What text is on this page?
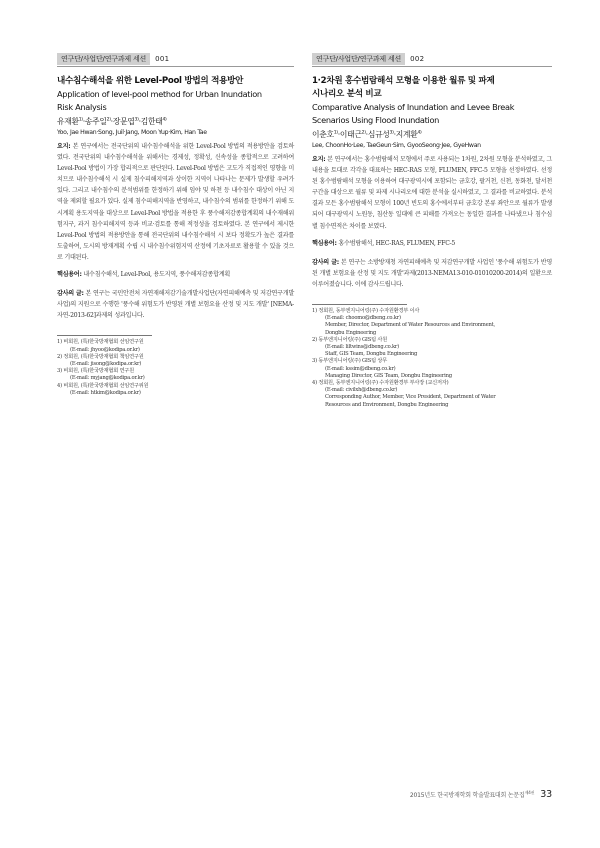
연구단/사업단/연구과제 세션	001
내수침수해석을 위한 Level-Pool 방법의 적용방안
Application of level-pool method for Urban Inundation
Risk Analysis
유재환$^{1)}$·송주일$^{2)}$·장문엽$^{3)}$·김한태$^{4)}$
Yoo, Jae Hwan·Song, Juil·Jang, Moon Yup·Kim, Han Tae
요지: 본 연구에서는 전국단위의 내수침수해석을 위한 Level-Pool 방법의 적용방안을 검토하였다. 전국단위의 내수침수해석을 위해서는 경제성, 정확성, 신속성을 종합적으로 고려하여 Level-Pool 방법이 가장 합리적으로 판단된다. Level-Pool 방법은 고도가 직접적인 영향을 미치므로 내수침수해석 시 실제 침수피해지역과 상이한 지역이 나타나는 문제가 발생할 우려가 있다. 그리고 내수침수의 분석범위를 한정하기 위해 임야 및 하천 등 내수침수 대상이 아닌 지역을 제외할 필요가 있다. 실제 침수피해지역을 반영하고, 내수침수의 범위를 한정하기 위해 도시계획 용도지역을 대상으로 Level-Pool 방법을 적용한 후 풍수해저감종합계획의 내수재해위험지구, 과거 침수피해지역 등과 비교·검토를 통해 적정성을 검토하였다. 본 연구에서 제시한 Level-Pool 방법의 적용방안을 통해 전국단위의 내수침수해석 시 보다 정확도가 높은 결과를 도출하여, 도시의 방재계획 수립 시 내수침수위험지역 산정에 기초자료로 활용할 수 있을 것으로 기대된다.
핵심용어: 내수침수해석, Level-Pool, 용도지역, 풍수해저감종합계획
감사의 글: 본 연구는 국민안전처 자연재해저감기술개발사업단(자연피해예측 및 저감연구개발사업)의 지원으로 수행한 '풍수해 위험도가 반영된 개별 보험요율 산정 및 지도 개발' [NEMA-자연-2013-62]과제의 성과입니다.
1) 비회원, (특)한국방재협회 선임연구원
(E-mail: jhyoo@kodipa.or.kr)
2) 정회원, (특)한국방재협회 책임연구원
(E-mail: jisong@kodipa.or.kr)
3) 비회원, (특)한국방재협회 연구원
(E-mail: myjang@kodipa.or.kr)
4) 비회원, (특)한국방재협회 선임연구위원
(E-mail: htkim@kodipa.or.kr)
연구단/사업단/연구과제 세션	002
1·2차원 홍수범람해석 모형을 이용한 월류 및 파제
시나리오 분석 비교
Comparative Analysis of Inundation and Levee Break
Scenarios Using Flood Inundation
이춘호$^{1)}$·이태근$^{2)}$·심규성$^{3)}$·지계환$^{4)}$
Lee, ChoonHo·Lee, TaeGeun·Sim, GyooSeong·Jee, GyeHwan
요지: 본 연구에서는 홍수범람해석 모형에서 주로 사용되는 1차원, 2차원 모형을 분석하였고, 그 내용을 토대로 각각을 대표하는 HEC-RAS 모형, FLUMEN, FFC-5 모형을 선정하였다. 선정된 홍수범람해석 모형을 이용하여 대구광역시에 포함되는 금호강, 팔거천, 신천, 동화천, 달서천 구간을 대상으로 월류 및 파제 시나리오에 대한 분석을 실시하였고, 그 결과를 비교하였다. 분석 결과 모든 홍수범람해석 모형이 100년 빈도의 홍수에서부터 금호강 본류 좌안으로 월류가 발생되어 대구광역시 노원동, 침산동 일대에 큰 피해를 가져오는 동일한 결과를 나타냈으나 침수심별 침수면적은 차이를 보였다.
핵심용어: 홍수범람해석, HEC-RAS, FLUMEN, FFC-5
감사의 글: 본 연구는 소방방재청 자연피해예측 및 저감연구개발 사업인 '풍수해 위험도가 반영된 개별 보험요율 산정 및 지도 개발'과제(2013-NEMA13-010-01010200-2014)의 일환으로 이루어졌습니다. 이에 감사드립니다.
1) 정회원, 동부엔지니어링(주) 수자원환경부 이사
(E-mail: choomo@dbeng.co.kr)
Member, Director, Department of Water Resources and Environment,
Dongbu Engineering
2) 동부엔지니어링(주) GIS팀 사원
(E-mail: liltwins@dbeng.co.kr)
Staff, GIS Team, Dongbu Engineering
3) 동부엔지니어링(주) GIS팀 상무
(E-mail: kssim@dbeng.co.kr)
Managing Director, GIS Team, Dongbu Engineering
4) 정회원, 동부엔지니어링(주) 수자원환경부 부사장 (교신저자)
(E-mail: civilxh@dbeng.co.kr)
Corresponding Author, Member, Vice President, Department of Water
Resources and Environment, Dongbu Engineering
2015년도 한국방재학회 학술발표대회 논문집$^{제4권}$ 33
